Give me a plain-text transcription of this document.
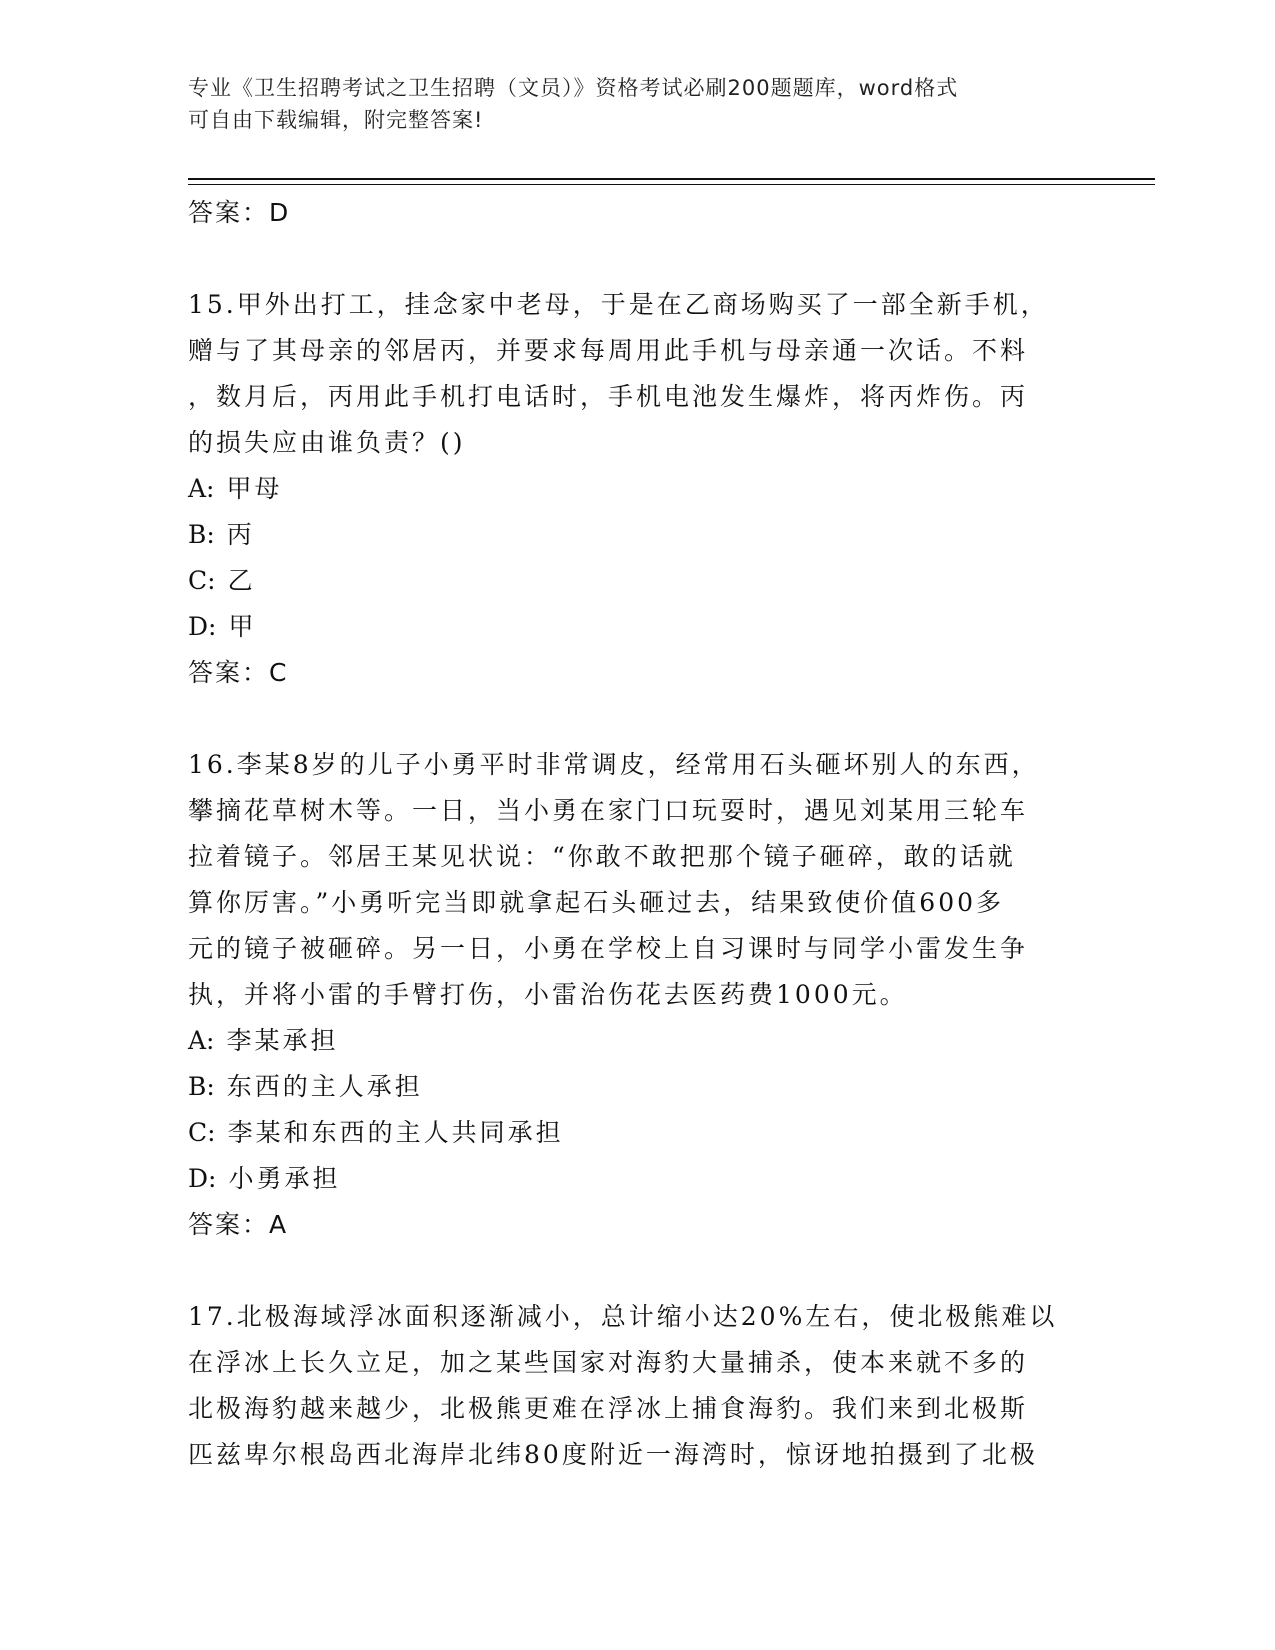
专业《卫生招聘考试之卫生招聘（文员）》资格考试必刷200题题库，word格式
可自由下载编辑，附完整答案!
答案：D
15.甲外出打工，挂念家中老母，于是在乙商场购买了一部全新手机，
赠与了其母亲的邻居丙，并要求每周用此手机与母亲通一次话。不料
，数月后，丙用此手机打电话时，手机电池发生爆炸，将丙炸伤。丙
的损失应由谁负责？()
A: 甲母
B: 丙
C: 乙
D: 甲
答案：C
16.李某8岁的儿子小勇平时非常调皮，经常用石头砸坏别人的东西，
攀摘花草树木等。一日，当小勇在家门口玩耍时，遇见刘某用三轮车
拉着镜子。邻居王某见状说：“你敢不敢把那个镜子砸碎，敢的话就
算你厉害。”小勇听完当即就拿起石头砸过去，结果致使价值600多
元的镜子被砸碎。另一日，小勇在学校上自习课时与同学小雷发生争
执，并将小雷的手臂打伤，小雷治伤花去医药费1000元。
A: 李某承担
B: 东西的主人承担
C: 李某和东西的主人共同承担
D: 小勇承担
答案：A
17.北极海域浮冰面积逐渐减小，总计缩小达20%左右，使北极熊难以
在浮冰上长久立足，加之某些国家对海豹大量捕杀，使本来就不多的
北极海豹越来越少，北极熊更难在浮冰上捕食海豹。我们来到北极斯
匹兹卑尔根岛西北海岸北纬80度附近一海湾时，惊讶地拍摄到了北极
